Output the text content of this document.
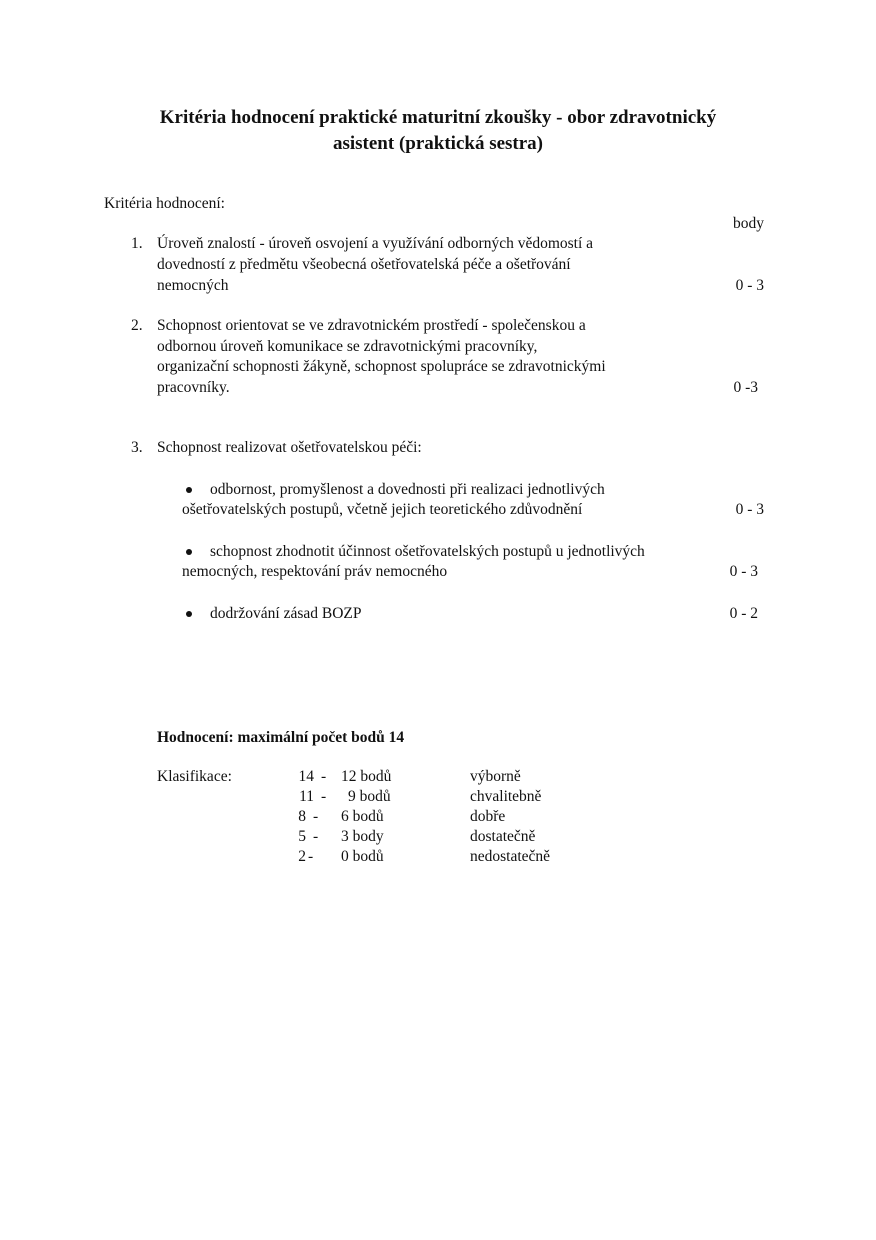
Kritéria hodnocení praktické maturitní zkoušky - obor zdravotnický
asistent (praktická sestra)
Kritéria hodnocení:
body
1. Úroveň znalostí - úroveň osvojení a využívání odborných vědomostí a
dovedností z předmětu všeobecná ošetřovatelská péče a ošetřování
nemocných	0 - 3
2. Schopnost orientovat se ve zdravotnickém prostředí - společenskou a
odbornou úroveň komunikace se zdravotnickými pracovníky,
organizační schopnosti žákyně, schopnost spolupráce se zdravotnickými
pracovníky.	0 -3
3. Schopnost realizovat ošetřovatelskou péči:
odbornost, promyšlenost a dovednosti při realizaci jednotlivých
ošetřovatelských postupů, včetně jejich teoretického zdůvodnění	0 - 3
schopnost zhodnotit účinnost ošetřovatelských postupů u jednotlivých
nemocných, respektování práv nemocného	0 - 3
dodržování zásad BOZP	0 - 2
Hodnocení: maximální počet bodů 14
Klasifikace:	14 - 12 bodů	výborně
11 - 9 bodů	chvalitebně
8 - 6 bodů	dobře
5 - 3 body	dostatečně
2 - 0 bodů	nedostatečně
